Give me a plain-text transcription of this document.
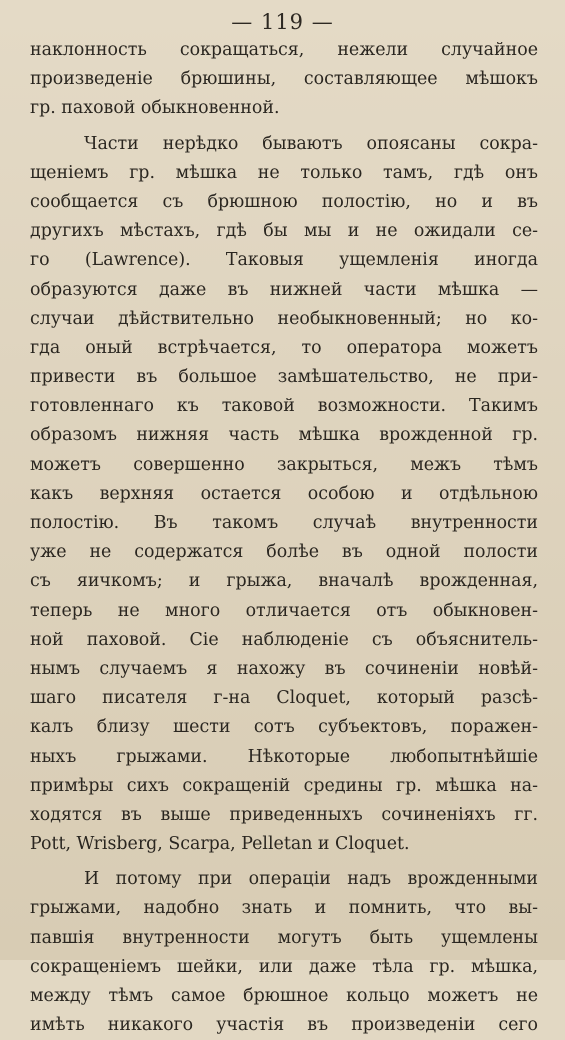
— 119 —
наклонность сокращаться, нежели случайное
произведеніе брюшины, составляющее мѣшокъ
гр. паховой обыкновенной.
Части нерѣдко бываютъ опоясаны сокра-
щеніемъ гр. мѣшка не только тамъ, гдѣ онъ
сообщается съ брюшною полостію, но и въ
другихъ мѣстахъ, гдѣ бы мы и не ожидали се-
го (Lawrence). Таковыя ущемленія иногда
образуются даже въ нижней части мѣшка —
случаи дѣйствительно необыкновенный; но ко-
гда оный встрѣчается, то оператора можетъ
привести въ большое замѣшательство, не при-
готовленнаго къ таковой возможности. Такимъ
образомъ нижняя часть мѣшка врожденной гр.
можетъ совершенно закрыться, межъ тѣмъ
какъ верхняя остается особою и отдѣльною
полостію. Въ такомъ случаѣ внутренности
уже не содержатся болѣе въ одной полости
съ яичкомъ; и грыжа, вначалѣ врожденная,
теперь не много отличается отъ обыкновен-
ной паховой. Сіе наблюденіе съ объяснитель-
нымъ случаемъ я нахожу въ сочиненіи новѣй-
шаго писателя г-на Cloquet, который разсѣ-
калъ близу шести сотъ субъектовъ, поражен-
ныхъ грыжами. Нѣкоторые любопытнѣйшіе
примѣры сихъ сокращеній средины гр. мѣшка на-
ходятся въ выше приведенныхъ сочиненіяхъ гг.
Pott, Wrisberg, Scarpa, Pelletan и Cloquet.
И потому при операціи надъ врожденными
грыжами, надобно знать и помнить, что вы-
павшія внутренности могутъ быть ущемлены
сокращеніемъ шейки, или даже тѣла гр. мѣшка,
между тѣмъ самое брюшное кольцо можетъ не
имѣть никакого участія въ произведеніи сего
